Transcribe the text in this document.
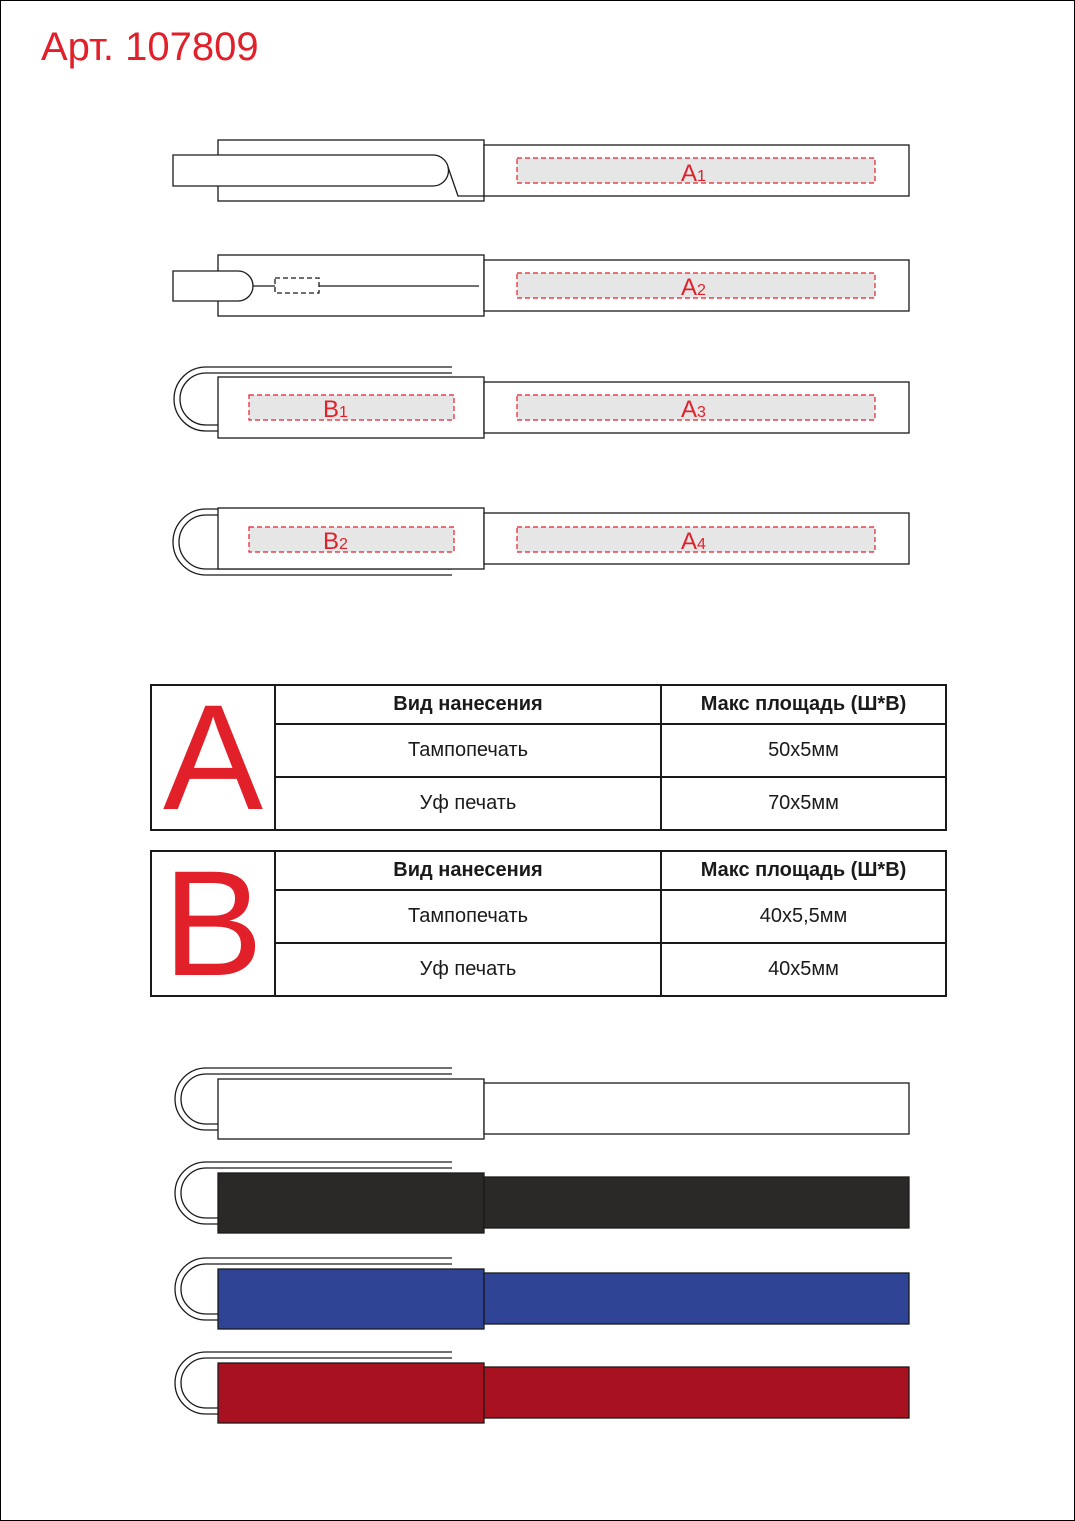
Арт. 107809
A1
A2
B1	A3
B2	A4
A	Вид нанесения	Макс площадь (Ш*В)
Тампопечать	50х5мм
Уф печать	70х5мм
B	Вид нанесения	Макс площадь (Ш*В)
Тампопечать	40х5,5мм
Уф печать	40х5мм
